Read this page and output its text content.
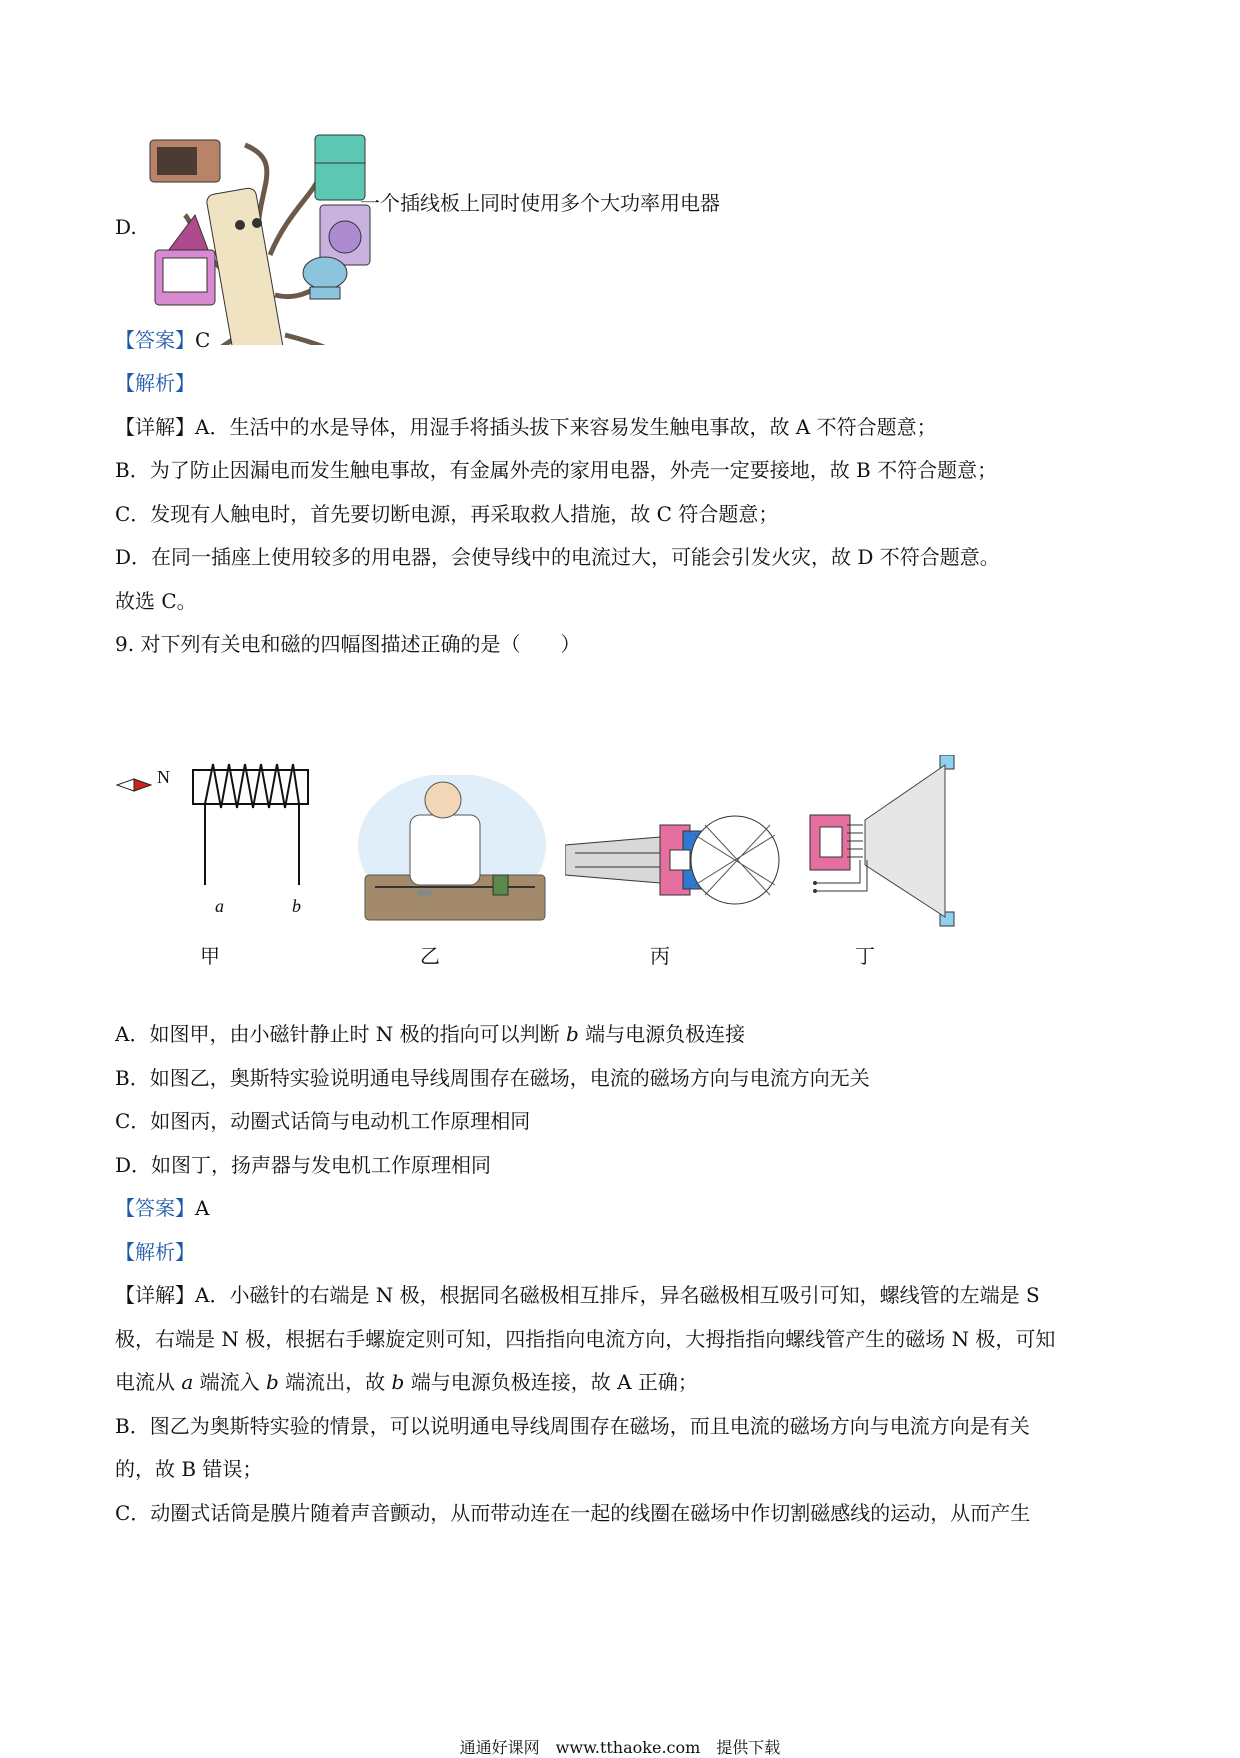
D.
一个插线板上同时使用多个大功率用电器
【答案】C
【解析】
【详解】A．生活中的水是导体，用湿手将插头拔下来容易发生触电事故，故 A 不符合题意；
B．为了防止因漏电而发生触电事故，有金属外壳的家用电器，外壳一定要接地，故 B 不符合题意；
C．发现有人触电时，首先要切断电源，再采取救人措施，故 C 符合题意；
D．在同一插座上使用较多的用电器，会使导线中的电流过大，可能会引发火灾，故 D 不符合题意。
故选 C。
9. 对下列有关电和磁的四幅图描述正确的是（　　）
N
a	b
甲	乙	丙	丁
A．如图甲，由小磁针静止时 N 极的指向可以判断 b 端与电源负极连接
B．如图乙，奥斯特实验说明通电导线周围存在磁场，电流的磁场方向与电流方向无关
C．如图丙，动圈式话筒与电动机工作原理相同
D．如图丁，扬声器与发电机工作原理相同
【答案】A
【解析】
【详解】A．小磁针的右端是 N 极，根据同名磁极相互排斥，异名磁极相互吸引可知，螺线管的左端是 S
极，右端是 N 极，根据右手螺旋定则可知，四指指向电流方向，大拇指指向螺线管产生的磁场 N 极，可知
电流从 a 端流入 b 端流出，故 b 端与电源负极连接，故 A 正确；
B．图乙为奥斯特实验的情景，可以说明通电导线周围存在磁场，而且电流的磁场方向与电流方向是有关
的，故 B 错误；
C．动圈式话筒是膜片随着声音颤动，从而带动连在一起的线圈在磁场中作切割磁感线的运动，从而产生
通通好课网　www.tthaoke.com　提供下载
